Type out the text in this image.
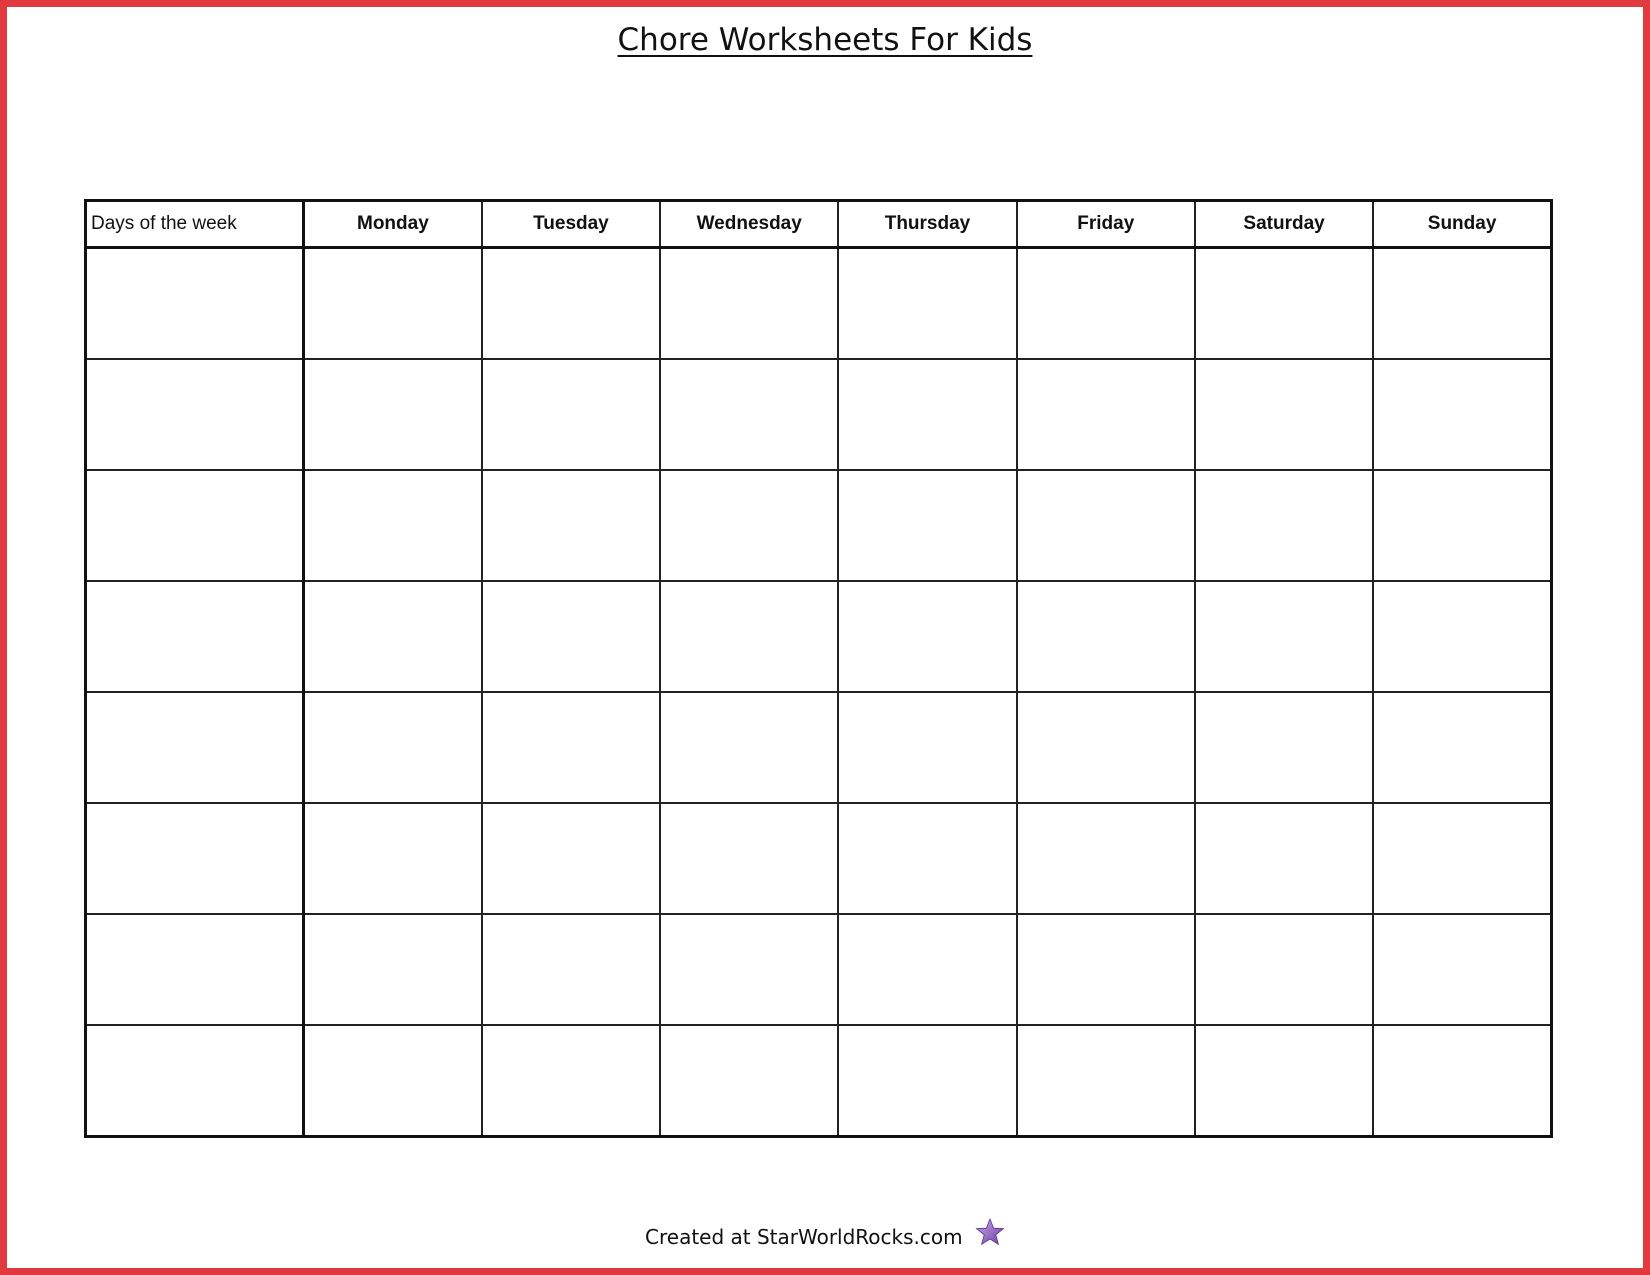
Chore Worksheets For Kids
Days of the week	Monday	Tuesday	Wednesday	Thursday	Friday	Saturday	Sunday

Created at StarWorldRocks.com
